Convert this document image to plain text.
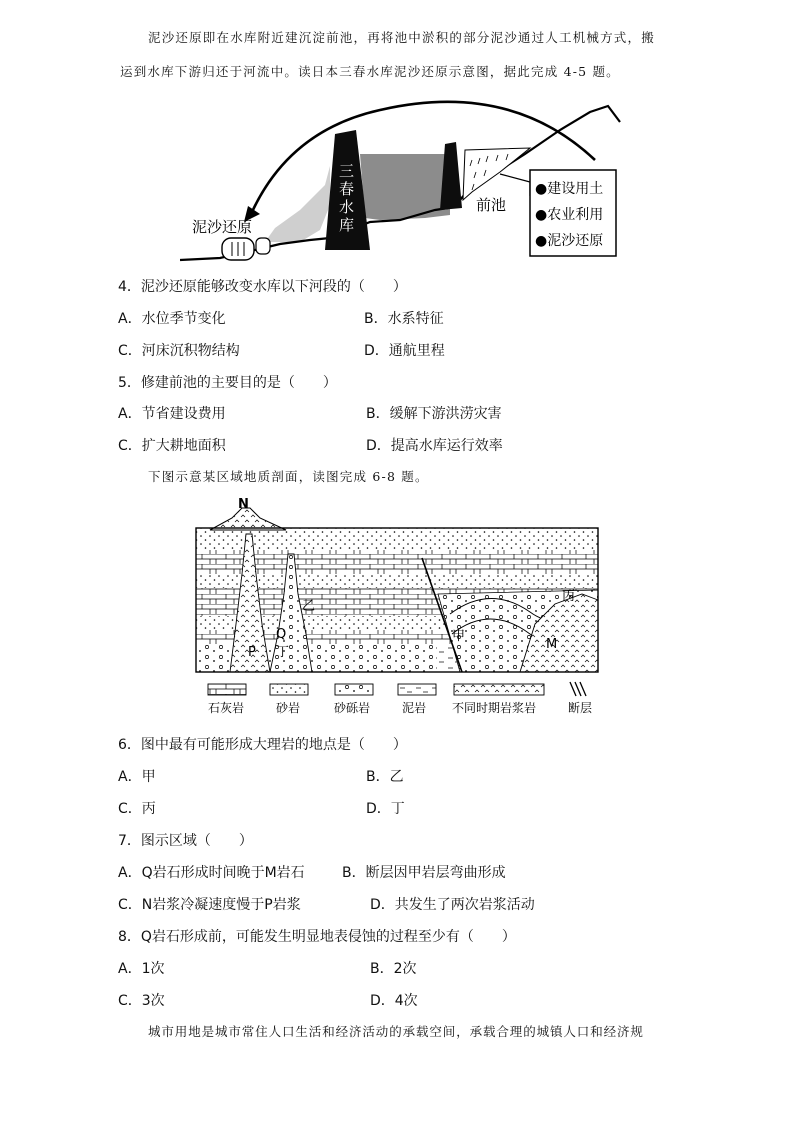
泥沙还原即在水库附近建沉淀前池，再将池中淤积的部分泥沙通过人工机械方式，搬
运到水库下游归还于河流中。读日本三春水库泥沙还原示意图，据此完成 4-5 题。
三
春
水
库
泥沙还原
前池
●建设用土
●农业利用
●泥沙还原
4．泥沙还原能够改变水库以下河段的（　　）
A．水位季节变化	B．水系特征
C．河床沉积物结构	D．通航里程
5．修建前池的主要目的是（　　）
A．节省建设费用	B．缓解下游洪涝灾害
C．扩大耕地面积	D．提高水库运行效率
下图示意某区域地质剖面，读图完成 6-8 题。
N
乙
Q
丁
P
甲
丙
M
石灰岩	砂岩	砂砾岩	泥岩 不同时期岩浆岩	断层
6．图中最有可能形成大理岩的地点是（　　）
A．甲	B．乙
C．丙	D．丁
7．图示区域（　　）
A．Q岩石形成时间晚于M岩石	B．断层因甲岩层弯曲形成
C．N岩浆冷凝速度慢于P岩浆	D．共发生了两次岩浆活动
8．Q岩石形成前，可能发生明显地表侵蚀的过程至少有（　　）
A．1次	B．2次
C．3次	D．4次
城市用地是城市常住人口生活和经济活动的承载空间，承载合理的城镇人口和经济规
